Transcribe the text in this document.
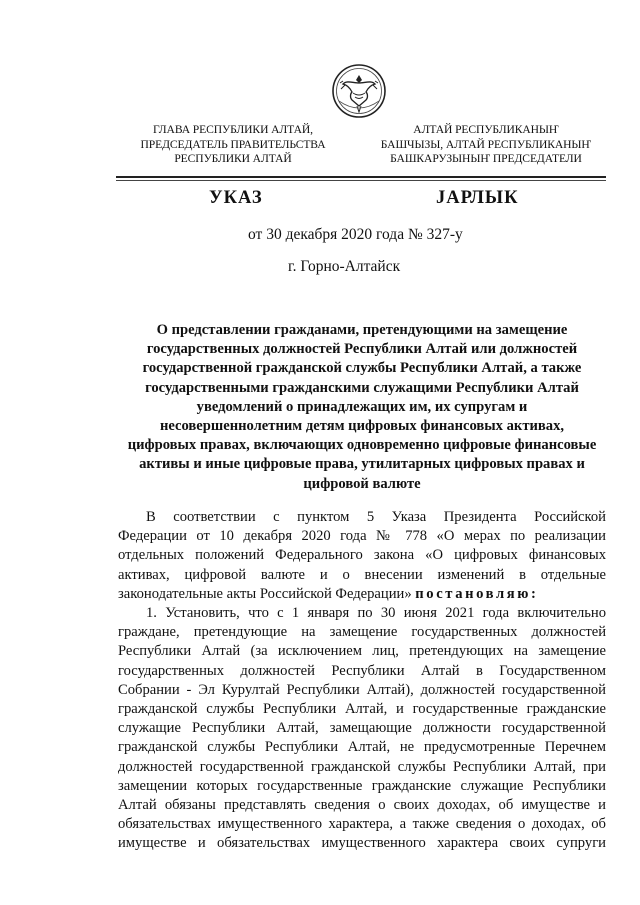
ГЛАВА РЕСПУБЛИКИ АЛТАЙ,
ПРЕДСЕДАТЕЛЬ ПРАВИТЕЛЬСТВА
РЕСПУБЛИКИ АЛТАЙ
АЛТАЙ РЕСПУБЛИКАНЫҤ
БАШЧЫЗЫ, АЛТАЙ РЕСПУБЛИКАНЫҤ
БАШКАРУЗЫНЫҤ ПРЕДСЕДАТЕЛИ
УКАЗ	ЈАРЛЫК
от 30 декабря 2020 года № 327-у
г. Горно-Алтайск
О представлении гражданами, претендующими на замещение
государственных должностей Республики Алтай или должностей
государственной гражданской службы Республики Алтай, а также
государственными гражданскими служащими Республики Алтай
уведомлений о принадлежащих им, их супругам и
несовершеннолетним детям цифровых финансовых активах,
цифровых правах, включающих одновременно цифровые финансовые
активы и иные цифровые права, утилитарных цифровых правах и
цифровой валюте
В соответствии с пунктом 5 Указа Президента Российской
Федерации от 10 декабря 2020 года № 778 «О мерах по реализации
отдельных положений Федерального закона «О цифровых финансовых
активах, цифровой валюте и о внесении изменений в отдельные
законодательные акты Российской Федерации» постановляю:
1. Установить, что с 1 января по 30 июня 2021 года включительно
граждане, претендующие на замещение государственных должностей
Республики Алтай (за исключением лиц, претендующих на замещение
государственных должностей Республики Алтай в Государственном
Собрании - Эл Курултай Республики Алтай), должностей государственной
гражданской службы Республики Алтай, и государственные гражданские
служащие Республики Алтай, замещающие должности государственной
гражданской службы Республики Алтай, не предусмотренные Перечнем
должностей государственной гражданской службы Республики Алтай, при
замещении которых государственные гражданские служащие Республики
Алтай обязаны представлять сведения о своих доходах, об имуществе и
обязательствах имущественного характера, а также сведения о доходах, об
имуществе и обязательствах имущественного характера своих супруги
